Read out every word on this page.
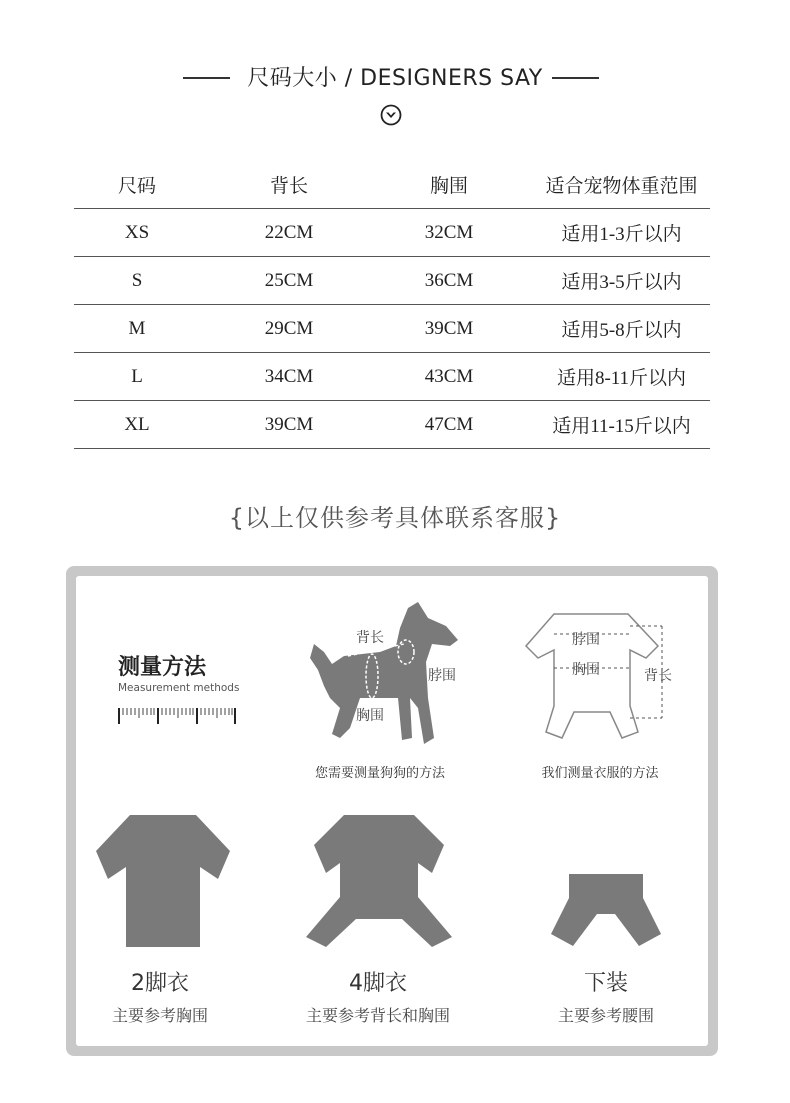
尺码大小 / DESIGNERS SAY
尺码	背长	胸围	适合宠物体重范围
XS	22CM	32CM	适用1-3斤以内
S	25CM	36CM	适用3-5斤以内
M	29CM	39CM	适用5-8斤以内
L	34CM	43CM	适用8-11斤以内
XL	39CM	47CM	适用11-15斤以内
{以上仅供参考具体联系客服}
测量方法
Measurement methods
背长
脖围
胸围
您需要测量狗狗的方法
脖围
胸围	背长
我们测量衣服的方法
2脚衣
主要参考胸围
4脚衣
主要参考背长和胸围
下装
主要参考腰围
